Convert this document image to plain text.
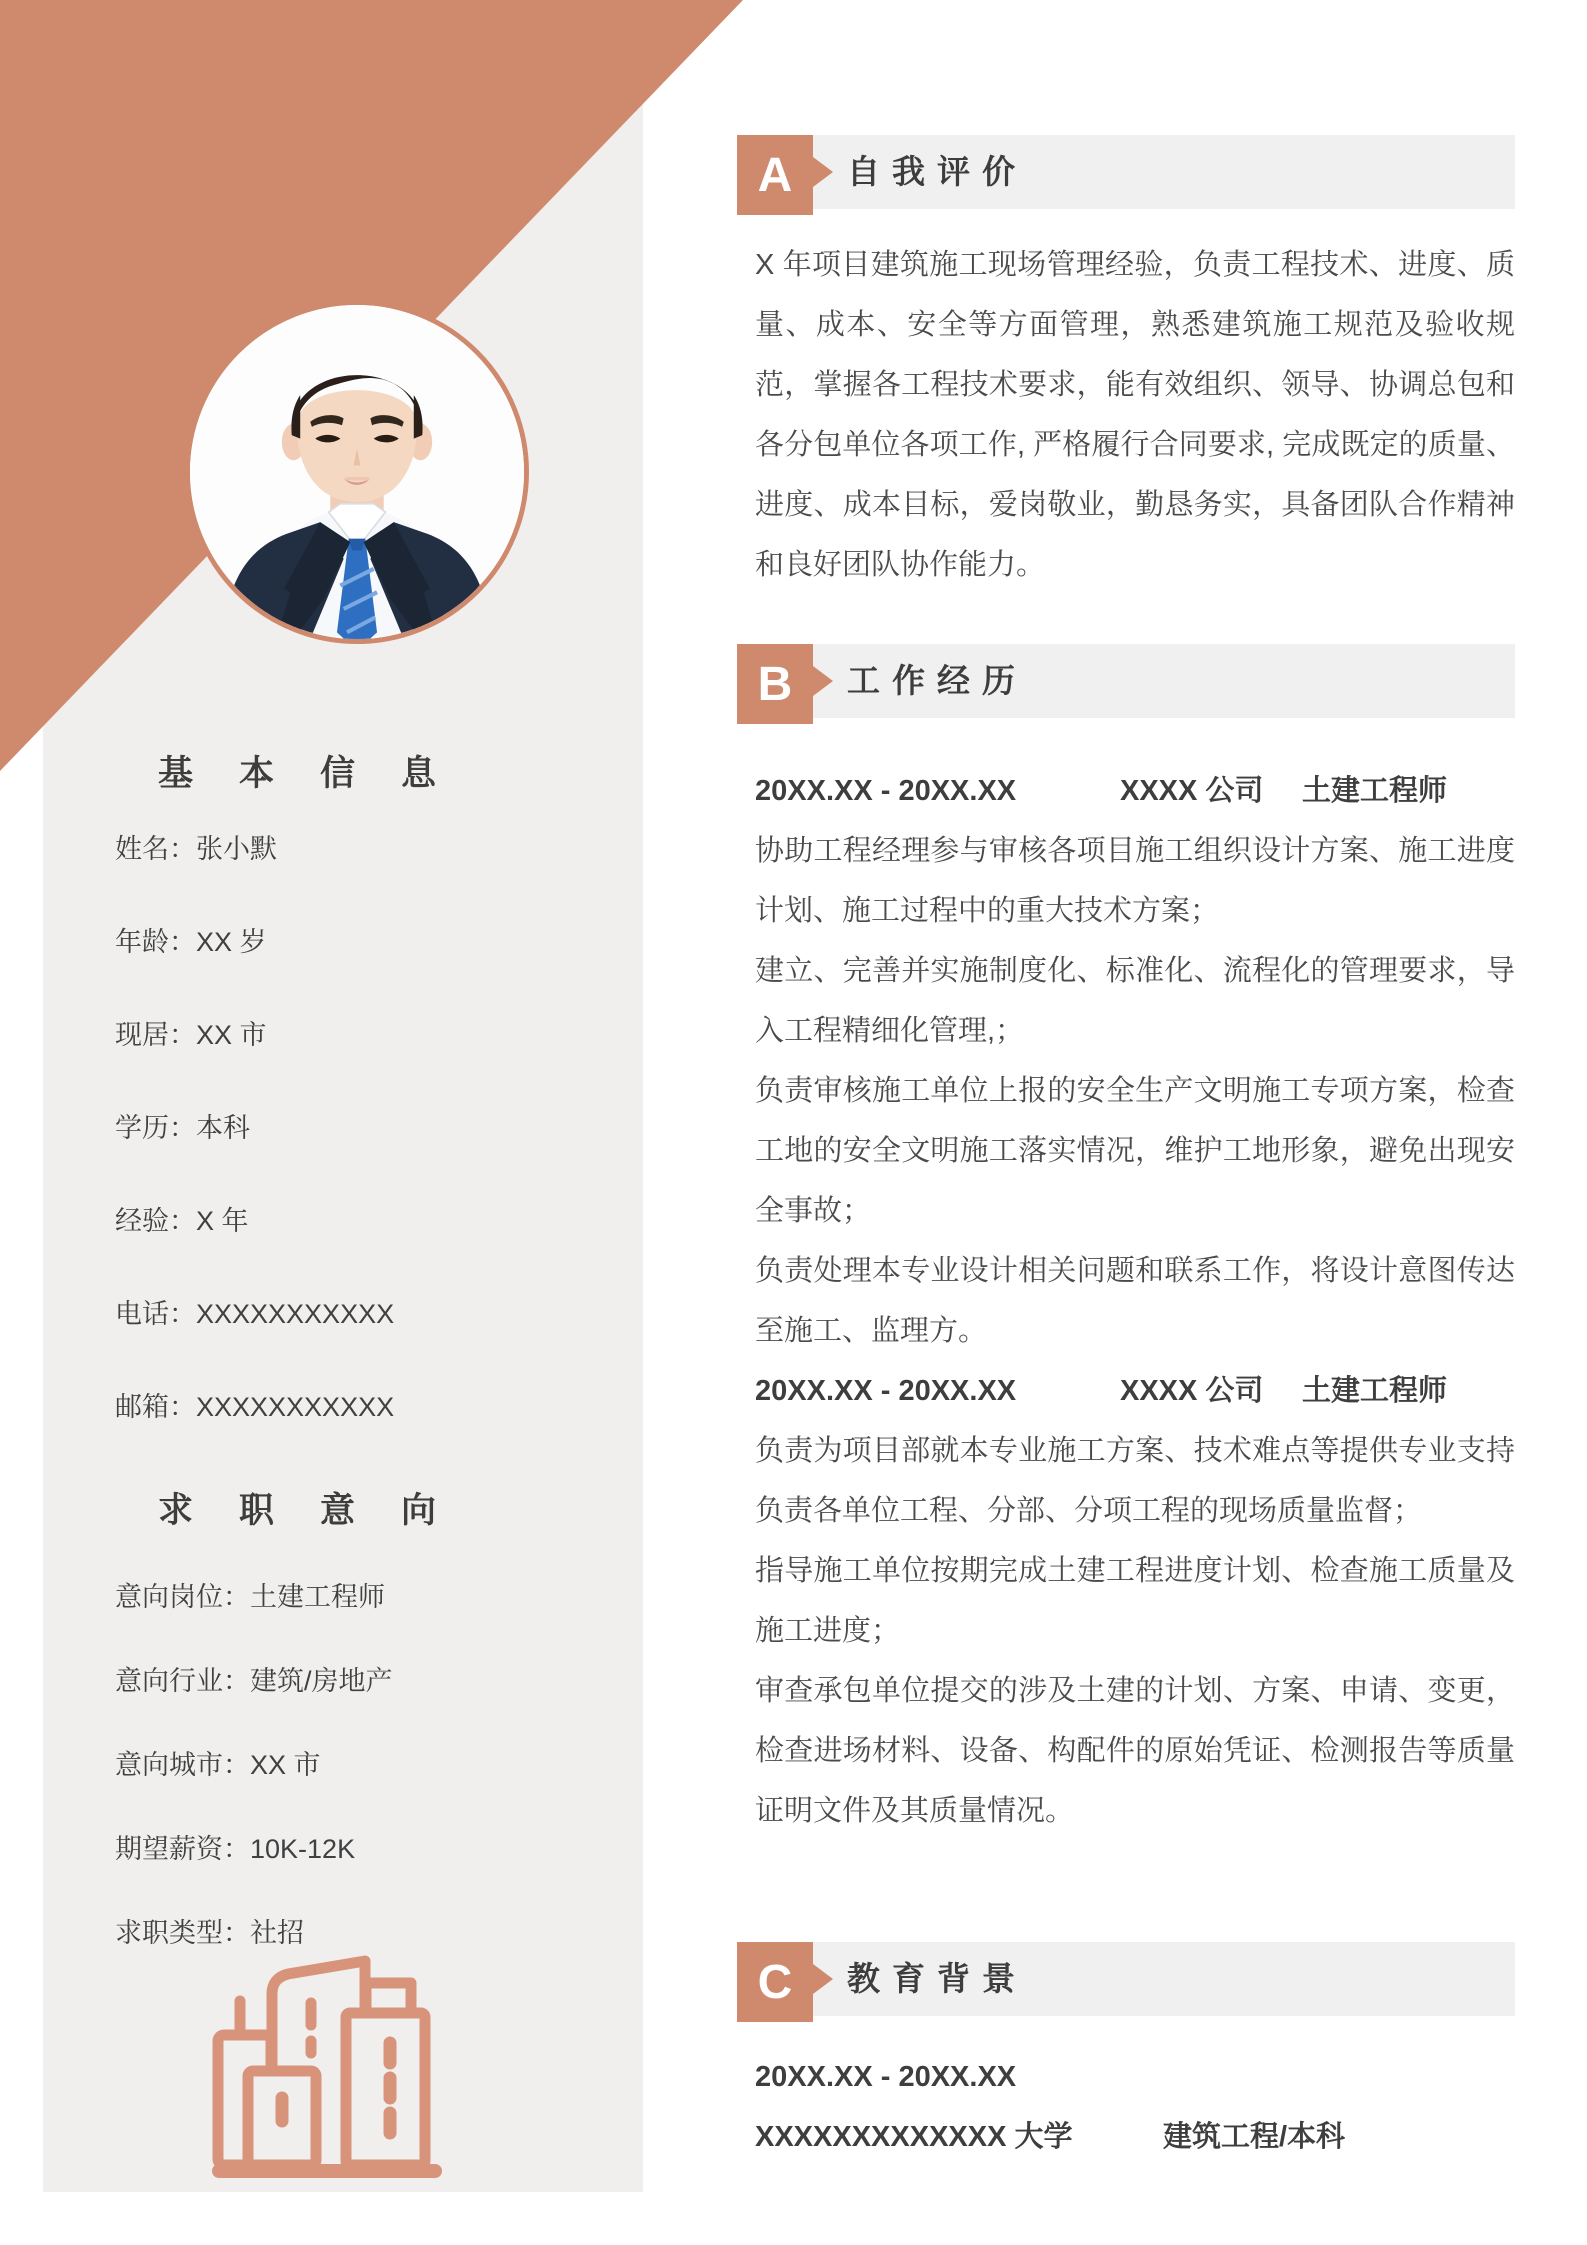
基本信息
姓名：张小默
年龄：XX 岁
现居：XX 市
学历：本科
经验：X 年
电话：XXXXXXXXXXX
邮箱：XXXXXXXXXXX
求职意向
意向岗位：土建工程师
意向行业：建筑/房地产
意向城市：XX 市
期望薪资：10K-12K
求职类型：社招
A	自我评价
X 年项目建筑施工现场管理经验，负责工程技术、进度、质量、成本、安全等方面管理，熟悉建筑施工规范及验收规范，掌握各工程技术要求，能有效组织、领导、协调总包和各分包单位各项工作, 严格履行合同要求, 完成既定的质量、进度、成本目标，爱岗敬业，勤恳务实，具备团队合作精神和良好团队协作能力。
B	工作经历
20XX.XX - 20XX.XX	XXXX 公司 土建工程师

协助工程经理参与审核各项目施工组织设计方案、施工进度计划、施工过程中的重大技术方案；

建立、完善并实施制度化、标准化、流程化的管理要求，导入工程精细化管理,；

负责审核施工单位上报的安全生产文明施工专项方案，检查工地的安全文明施工落实情况，维护工地形象，避免出现安全事故；

负责处理本专业设计相关问题和联系工作，将设计意图传达至施工、监理方。

20XX.XX - 20XX.XX	XXXX 公司 土建工程师

负责为项目部就本专业施工方案、技术难点等提供专业支持负责各单位工程、分部、分项工程的现场质量监督；

指导施工单位按期完成土建工程进度计划、检查施工质量及施工进度；

审查承包单位提交的涉及土建的计划、方案、申请、变更，检查进场材料、设备、构配件的原始凭证、检测报告等质量证明文件及其质量情况。

C	教育背景
20XX.XX - 20XX.XX
XXXXXXXXXXXXX 大学	建筑工程/本科
